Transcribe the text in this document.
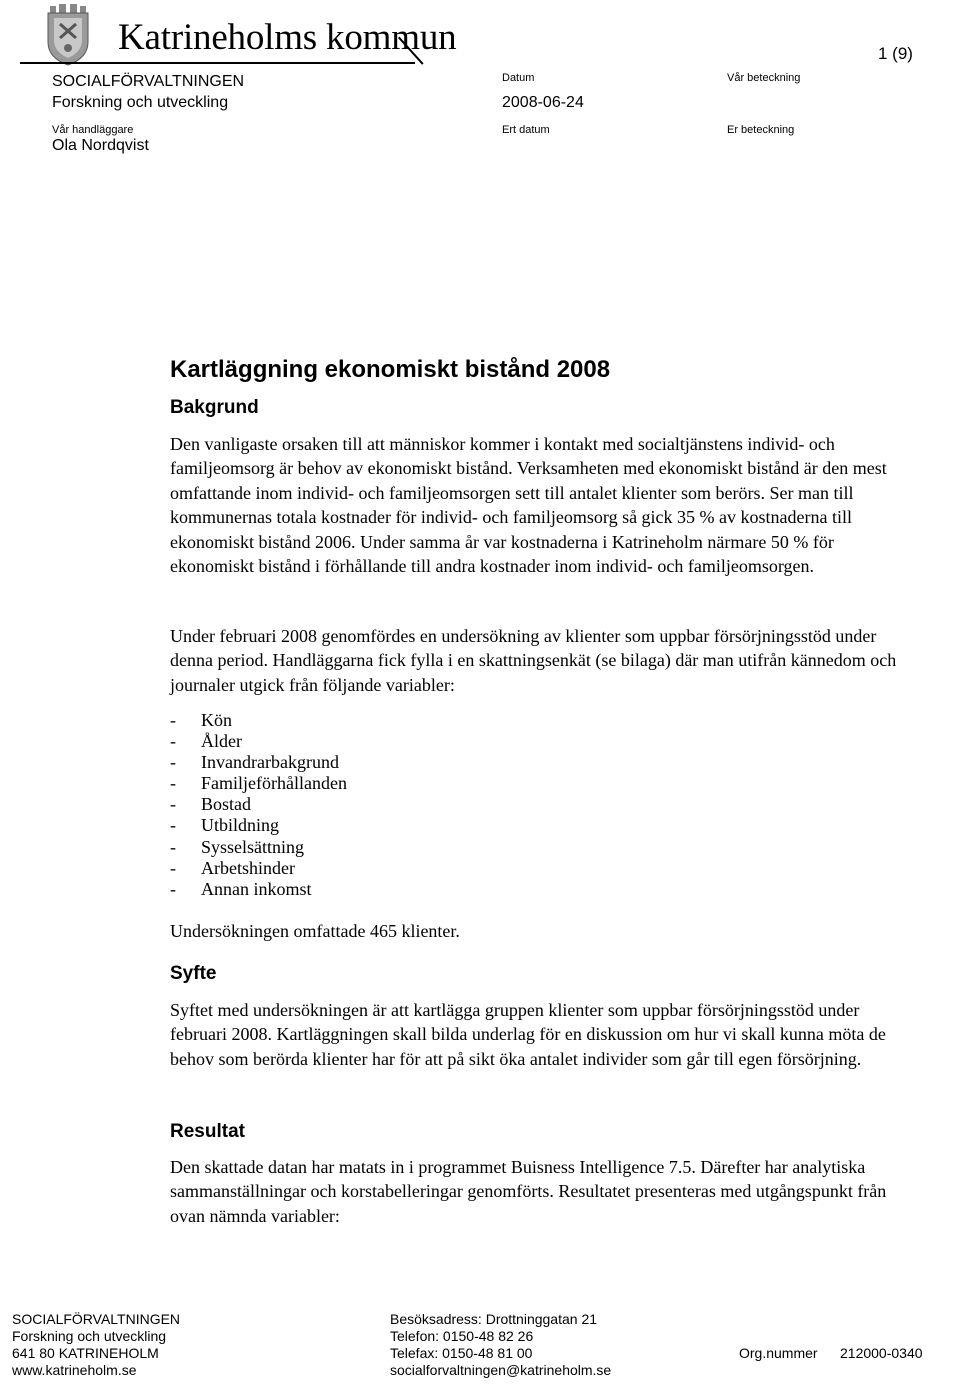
Katrineholms kommun	1 (9)
SOCIALFÖRVALTNINGEN
Forskning och utveckling
Datum
2008-06-24
Vår beteckning
Vår handläggare
Ola Nordqvist
Ert datum	Er beteckning
Kartläggning ekonomiskt bistånd 2008
Bakgrund

Den vanligaste orsaken till att människor kommer i kontakt med socialtjänstens individ- och familjeomsorg är behov av ekonomiskt bistånd. Verksamheten med ekonomiskt bistånd är den mest omfattande inom individ- och familjeomsorgen sett till antalet klienter som berörs. Ser man till kommunernas totala kostnader för individ- och familjeomsorg så gick 35 % av kostnaderna till ekonomiskt bistånd 2006. Under samma år var kostnaderna i Katrineholm närmare 50 % för ekonomiskt bistånd i förhållande till andra kostnader inom individ- och familjeomsorgen.

Under februari 2008 genomfördes en undersökning av klienter som uppbar försörjningsstöd under denna period. Handläggarna fick fylla i en skattningsenkät (se bilaga) där man utifrån kännedom och journaler utgick från följande variabler:

- Kön
- Ålder
- Invandrarbakgrund
- Familjeförhållanden
- Bostad
- Utbildning
- Sysselsättning
- Arbetshinder
- Annan inkomst

Undersökningen omfattade 465 klienter.

Syfte

Syftet med undersökningen är att kartlägga gruppen klienter som uppbar försörjningsstöd under februari 2008. Kartläggningen skall bilda underlag för en diskussion om hur vi skall kunna möta de behov som berörda klienter har för att på sikt öka antalet individer som går till egen försörjning.

Resultat

Den skattade datan har matats in i programmet Buisness Intelligence 7.5. Därefter har analytiska sammanställningar och korstabelleringar genomförts. Resultatet presenteras med utgångspunkt från ovan nämnda variabler:

SOCIALFÖRVALTNINGEN
Forskning och utveckling
641 80 KATRINEHOLM
www.katrineholm.se
Besöksadress: Drottninggatan 21
Telefon: 0150-48 82 26
Telefax: 0150-48 81 00
socialforvaltningen@katrineholm.se
Org.nummer 212000-0340
